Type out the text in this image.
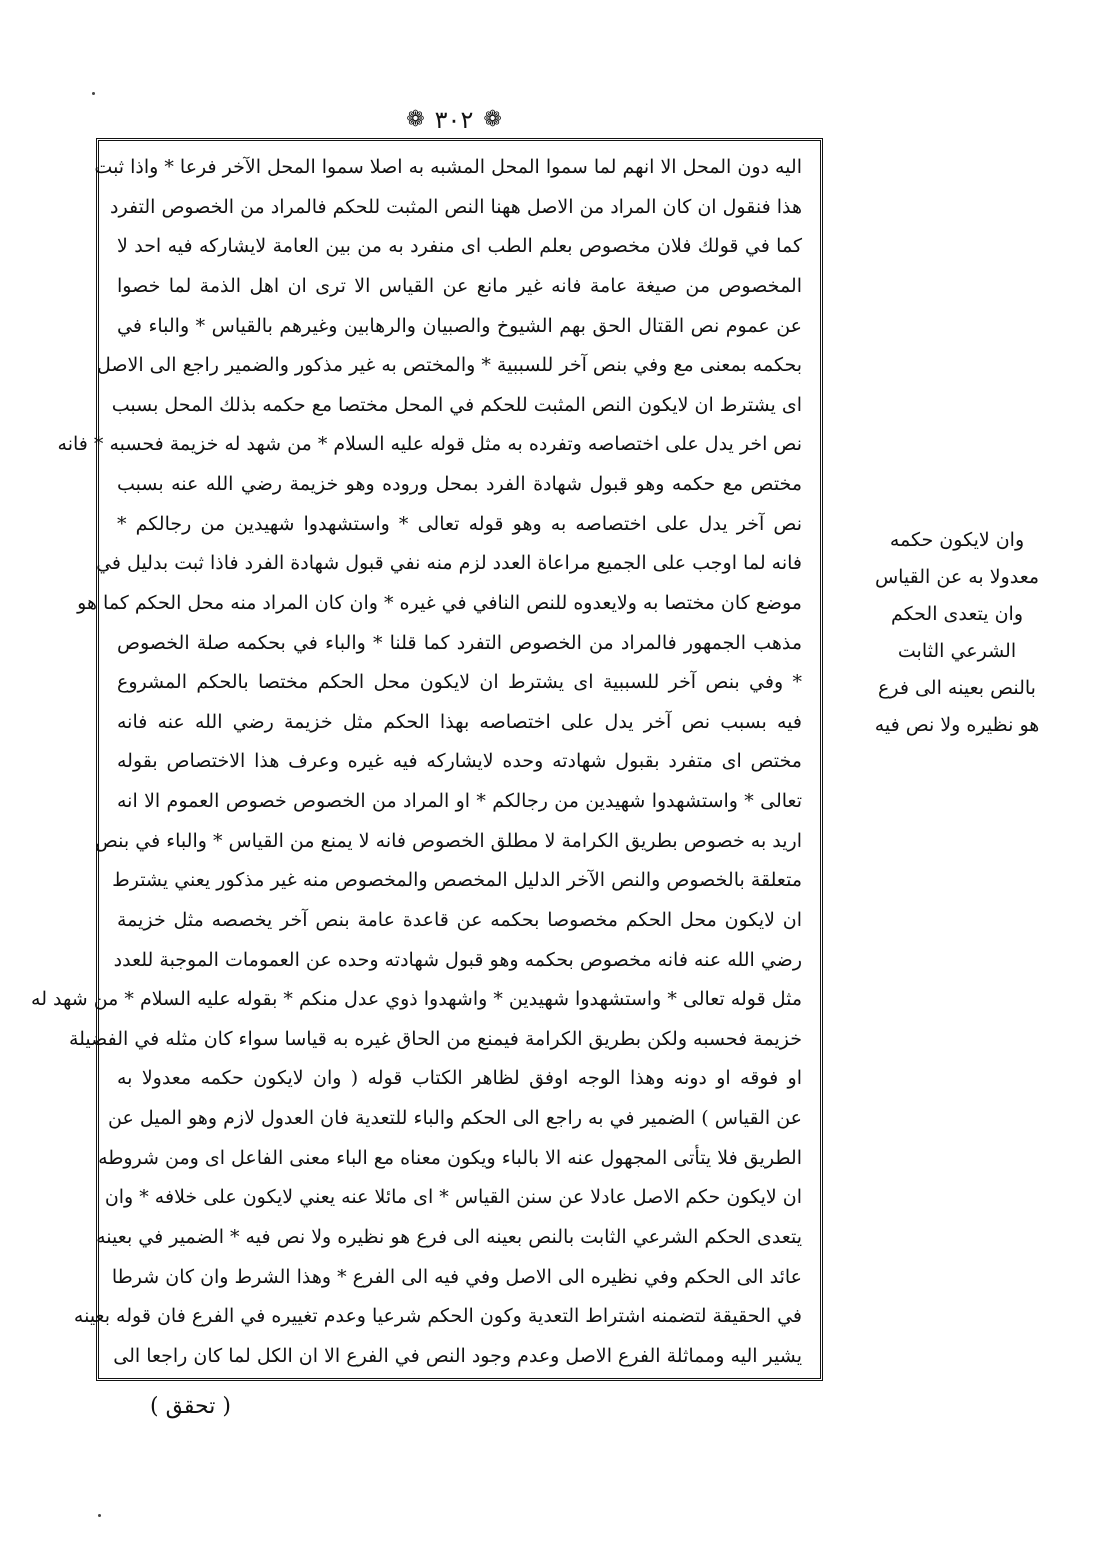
❁ ٣٠٢ ❁
اليه دون المحل الا انهم لما سموا المحل المشبه به اصلا سموا المحل الآخر فرعا * واذا ثبت
هذا فنقول ان كان المراد من الاصل ههنا النص المثبت للحكم فالمراد من الخصوص التفرد
كما في قولك فلان مخصوص بعلم الطب اى منفرد به من بين العامة لايشاركه فيه احد لا
المخصوص من صيغة عامة فانه غير مانع عن القياس الا ترى ان اهل الذمة لما خصوا
عن عموم نص القتال الحق بهم الشيوخ والصبيان والرهابين وغيرهم بالقياس * والباء في
بحكمه بمعنى مع وفي بنص آخر للسببية * والمختص به غير مذكور والضمير راجع الى الاصل
اى يشترط ان لايكون النص المثبت للحكم في المحل مختصا مع حكمه بذلك المحل بسبب
نص اخر يدل على اختصاصه وتفرده به مثل قوله عليه السلام * من شهد له خزيمة فحسبه * فانه
مختص مع حكمه وهو قبول شهادة الفرد بمحل وروده وهو خزيمة رضي الله عنه بسبب
نص آخر يدل على اختصاصه به وهو قوله تعالى * واستشهدوا شهيدين من رجالكم *
فانه لما اوجب على الجميع مراعاة العدد لزم منه نفي قبول شهادة الفرد فاذا ثبت بدليل في
موضع كان مختصا به ولايعدوه للنص النافي في غيره * وان كان المراد منه محل الحكم كما هو
مذهب الجمهور فالمراد من الخصوص التفرد كما قلنا * والباء في بحكمه صلة الخصوص
* وفي بنص آخر للسببية اى يشترط ان لايكون محل الحكم مختصا بالحكم المشروع
فيه بسبب نص آخر يدل على اختصاصه بهذا الحكم مثل خزيمة رضي الله عنه فانه
مختص اى متفرد بقبول شهادته وحده لايشاركه فيه غيره وعرف هذا الاختصاص بقوله
تعالى * واستشهدوا شهيدين من رجالكم * او المراد من الخصوص خصوص العموم الا انه
اريد به خصوص بطريق الكرامة لا مطلق الخصوص فانه لا يمنع من القياس * والباء في بنص
متعلقة بالخصوص والنص الآخر الدليل المخصص والمخصوص منه غير مذكور يعني يشترط
ان لايكون محل الحكم مخصوصا بحكمه عن قاعدة عامة بنص آخر يخصصه مثل خزيمة
رضي الله عنه فانه مخصوص بحكمه وهو قبول شهادته وحده عن العمومات الموجبة للعدد
مثل قوله تعالى * واستشهدوا شهيدين * واشهدوا ذوي عدل منكم * بقوله عليه السلام * من شهد له
خزيمة فحسبه ولكن بطريق الكرامة فيمنع من الحاق غيره به قياسا سواء كان مثله في الفضيلة
او فوقه او دونه وهذا الوجه اوفق لظاهر الكتاب قوله ( وان لايكون حكمه معدولا به
عن القياس ) الضمير في به راجع الى الحكم والباء للتعدية فان العدول لازم وهو الميل عن
الطريق فلا يتأتى المجهول عنه الا بالباء ويكون معناه مع الباء معنى الفاعل اى ومن شروطه
ان لايكون حكم الاصل عادلا عن سنن القياس * اى مائلا عنه يعني لايكون على خلافه * وان
يتعدى الحكم الشرعي الثابت بالنص بعينه الى فرع هو نظيره ولا نص فيه * الضمير في بعينه
عائد الى الحكم وفي نظيره الى الاصل وفي فيه الى الفرع * وهذا الشرط وان كان شرطا
في الحقيقة لتضمنه اشتراط التعدية وكون الحكم شرعيا وعدم تغييره في الفرع فان قوله بعينه
يشير اليه ومماثلة الفرع الاصل وعدم وجود النص في الفرع الا ان الكل لما كان راجعا الى
وان لايكون حكمه
معدولا به عن القياس
وان يتعدى الحكم
الشرعي الثابت
بالنص بعينه الى فرع
هو نظيره ولا نص فيه
( تحقق )
